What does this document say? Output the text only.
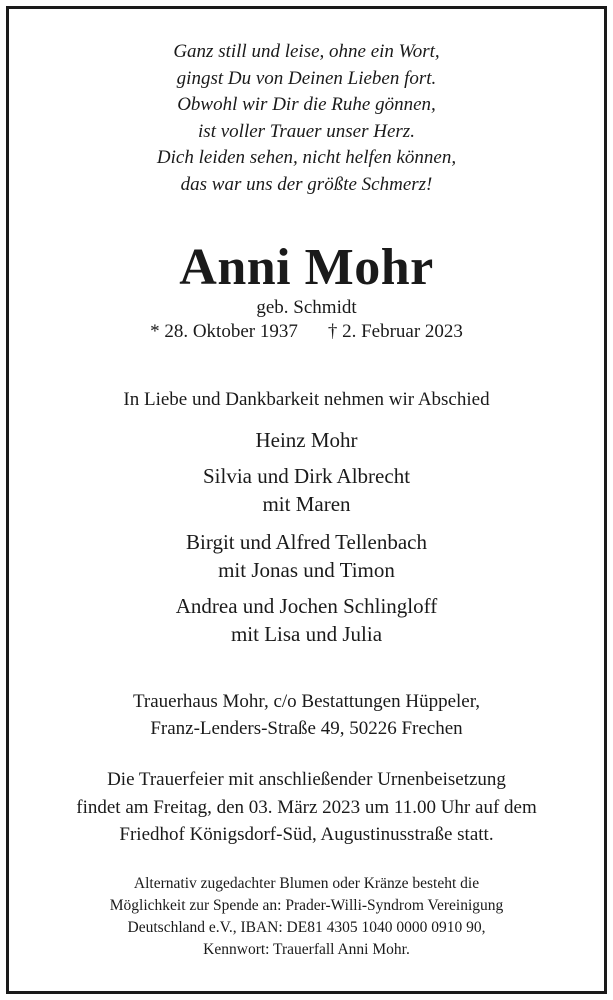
Ganz still und leise, ohne ein Wort,
gingst Du von Deinen Lieben fort.
Obwohl wir Dir die Ruhe gönnen,
ist voller Trauer unser Herz.
Dich leiden sehen, nicht helfen können,
das war uns der größte Schmerz!
Anni Mohr
geb. Schmidt
* 28. Oktober 1937 † 2. Februar 2023
In Liebe und Dankbarkeit nehmen wir Abschied
Heinz Mohr
Silvia und Dirk Albrecht
mit Maren
Birgit und Alfred Tellenbach
mit Jonas und Timon
Andrea und Jochen Schlingloff
mit Lisa und Julia
Trauerhaus Mohr, c/o Bestattungen Hüppeler,
Franz-Lenders-Straße 49, 50226 Frechen
Die Trauerfeier mit anschließender Urnenbeisetzung
findet am Freitag, den 03. März 2023 um 11.00 Uhr auf dem
Friedhof Königsdorf-Süd, Augustinusstraße statt.
Alternativ zugedachter Blumen oder Kränze besteht die
Möglichkeit zur Spende an: Prader-Willi-Syndrom Vereinigung
Deutschland e.V., IBAN: DE81 4305 1040 0000 0910 90,
Kennwort: Trauerfall Anni Mohr.
